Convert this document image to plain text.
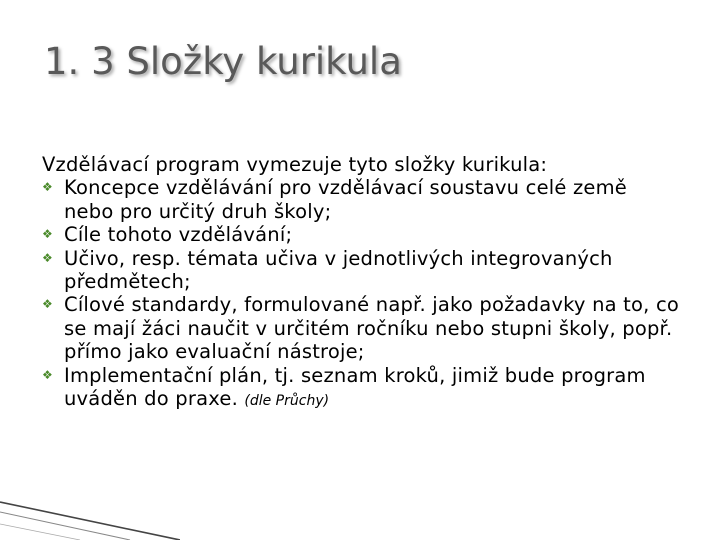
1. 3 Složky kurikula

Vzdělávací program vymezuje tyto složky kurikula:

❖ Koncepce vzdělávání pro vzdělávací soustavu celé země nebo pro určitý druh školy;
❖ Cíle tohoto vzdělávání;
❖ Učivo, resp. témata učiva v jednotlivých integrovaných předmětech;
❖ Cílové standardy, formulované např. jako požadavky na to, co se mají žáci naučit v určitém ročníku nebo stupni školy, popř. přímo jako evaluační nástroje;
❖ Implementační plán, tj. seznam kroků, jimiž bude program uváděn do praxe. (dle Průchy)
